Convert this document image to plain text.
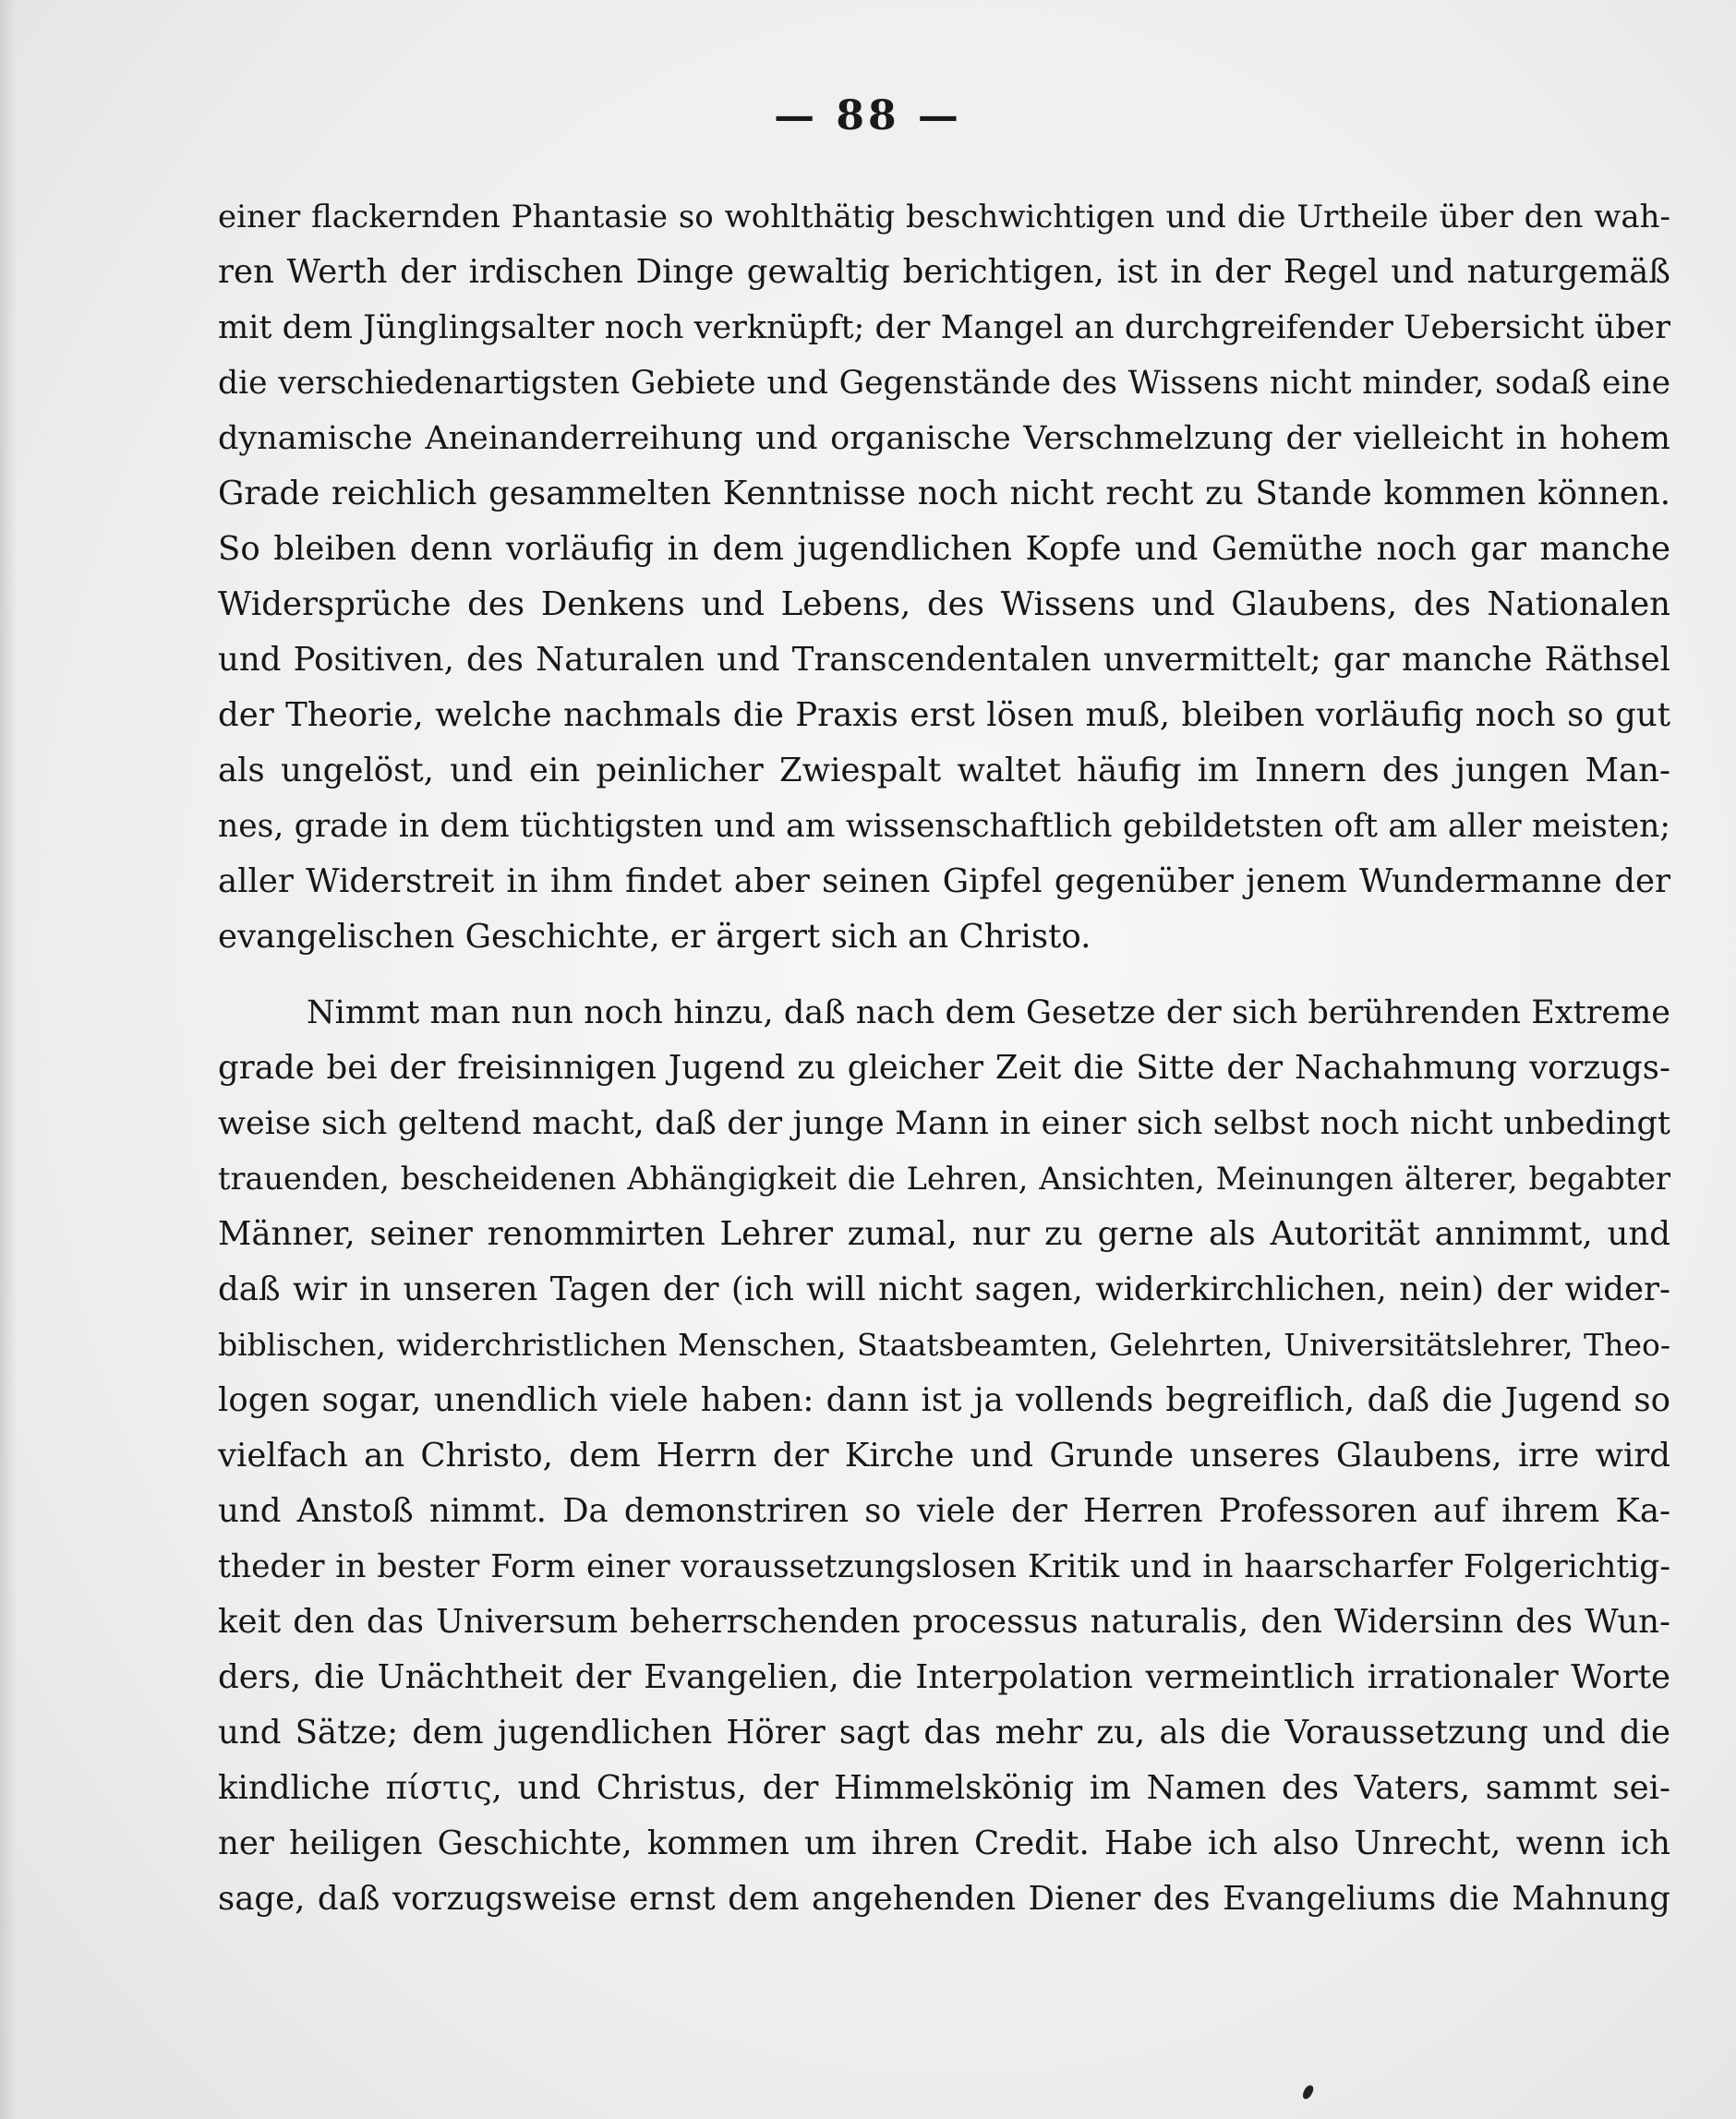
— 88 —
einer flackernden Phantasie so wohlthätig beschwichtigen und die Urtheile über den wah-
ren Werth der irdischen Dinge gewaltig berichtigen, ist in der Regel und naturgemäß
mit dem Jünglingsalter noch verknüpft; der Mangel an durchgreifender Uebersicht über
die verschiedenartigsten Gebiete und Gegenstände des Wissens nicht minder, sodaß eine
dynamische Aneinanderreihung und organische Verschmelzung der vielleicht in hohem
Grade reichlich gesammelten Kenntnisse noch nicht recht zu Stande kommen können.
So bleiben denn vorläufig in dem jugendlichen Kopfe und Gemüthe noch gar manche
Widersprüche des Denkens und Lebens, des Wissens und Glaubens, des Nationalen
und Positiven, des Naturalen und Transcendentalen unvermittelt; gar manche Räthsel
der Theorie, welche nachmals die Praxis erst lösen muß, bleiben vorläufig noch so gut
als ungelöst, und ein peinlicher Zwiespalt waltet häufig im Innern des jungen Man-
nes, grade in dem tüchtigsten und am wissenschaftlich gebildetsten oft am aller meisten;
aller Widerstreit in ihm findet aber seinen Gipfel gegenüber jenem Wundermanne der
evangelischen Geschichte, er ärgert sich an Christo.
Nimmt man nun noch hinzu, daß nach dem Gesetze der sich berührenden Extreme
grade bei der freisinnigen Jugend zu gleicher Zeit die Sitte der Nachahmung vorzugs-
weise sich geltend macht, daß der junge Mann in einer sich selbst noch nicht unbedingt
trauenden, bescheidenen Abhängigkeit die Lehren, Ansichten, Meinungen älterer, begabter
Männer, seiner renommirten Lehrer zumal, nur zu gerne als Autorität annimmt, und
daß wir in unseren Tagen der (ich will nicht sagen, widerkirchlichen, nein) der wider-
biblischen, widerchristlichen Menschen, Staatsbeamten, Gelehrten, Universitätslehrer, Theo-
logen sogar, unendlich viele haben: dann ist ja vollends begreiflich, daß die Jugend so
vielfach an Christo, dem Herrn der Kirche und Grunde unseres Glaubens, irre wird
und Anstoß nimmt. Da demonstriren so viele der Herren Professoren auf ihrem Ka-
theder in bester Form einer voraussetzungslosen Kritik und in haarscharfer Folgerichtig-
keit den das Universum beherrschenden processus naturalis, den Widersinn des Wun-
ders, die Unächtheit der Evangelien, die Interpolation vermeintlich irrationaler Worte
und Sätze; dem jugendlichen Hörer sagt das mehr zu, als die Voraussetzung und die
kindliche πίστις, und Christus, der Himmelskönig im Namen des Vaters, sammt sei-
ner heiligen Geschichte, kommen um ihren Credit. Habe ich also Unrecht, wenn ich
sage, daß vorzugsweise ernst dem angehenden Diener des Evangeliums die Mahnung
